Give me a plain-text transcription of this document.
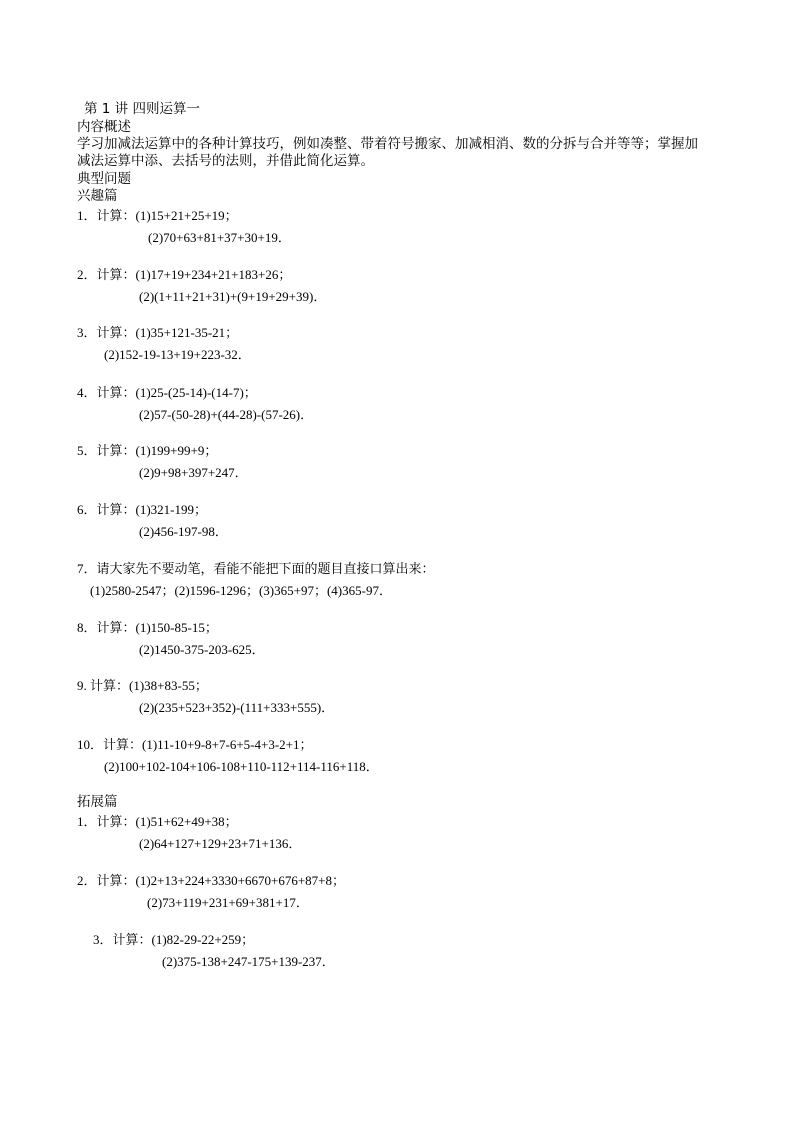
第 1 讲 四则运算一
内容概述
学习加减法运算中的各种计算技巧，例如凑整、带着符号搬家、加减相消、数的分拆与合并等等；掌握加
减法运算中添、去括号的法则，并借此简化运算。
典型问题
兴趣篇
1．计算：(1)15+21+25+19；
(2)70+63+81+37+30+19．
2．计算：(1)17+19+234+21+183+26；
(2)(1+11+21+31)+(9+19+29+39)．
3．计算：(1)35+121-35-21；
(2)152-19-13+19+223-32．
4．计算：(1)25-(25-14)-(14-7)；
(2)57-(50-28)+(44-28)-(57-26)．
5．计算：(1)199+99+9；
(2)9+98+397+247．
6．计算：(1)321-199；
(2)456-197-98．
7．请大家先不要动笔，看能不能把下面的题目直接口算出来：
(1)2580-2547；(2)1596-1296；(3)365+97；(4)365-97．
8．计算：(1)150-85-15；
(2)1450-375-203-625．
9. 计算：(1)38+83-55；
(2)(235+523+352)-(111+333+555)．
10．计算：(1)11-10+9-8+7-6+5-4+3-2+1；
(2)100+102-104+106-108+110-112+114-116+118．
拓展篇
1．计算：(1)51+62+49+38；
(2)64+127+129+23+71+136．
2．计算：(1)2+13+224+3330+6670+676+87+8；
(2)73+119+231+69+381+17．
3．计算：(1)82-29-22+259；
(2)375-138+247-175+139-237．
